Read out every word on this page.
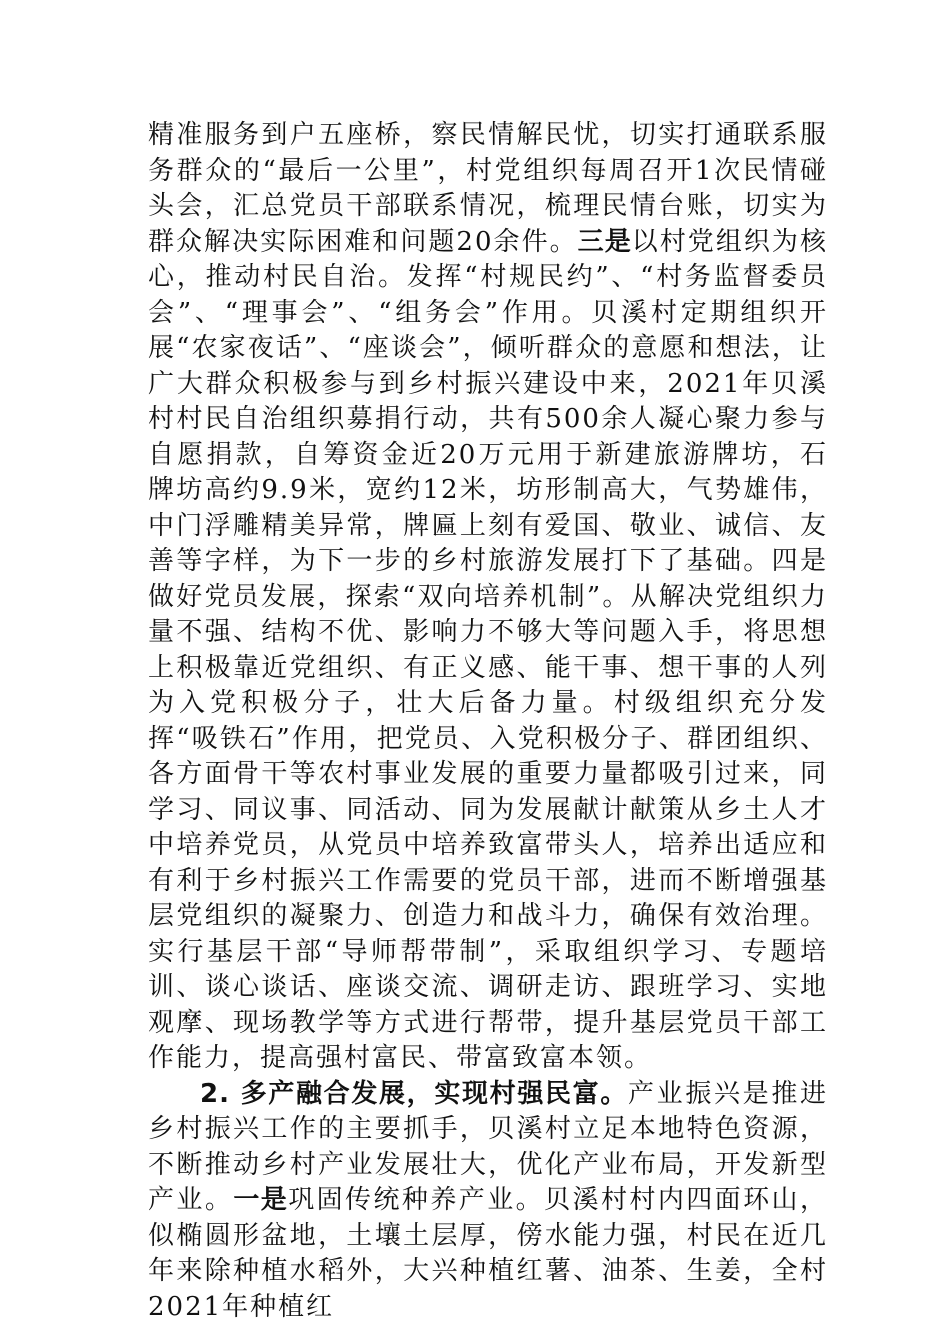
精准服务到户五座桥，察民情解民忧，切实打通联系服务群众的“最后一公里”，村党组织每周召开1次民情碰头会，汇总党员干部联系情况，梳理民情台账，切实为群众解决实际困难和问题20余件。三是以村党组织为核心，推动村民自治。发挥“村规民约”、“村务监督委员会”、“理事会”、“组务会”作用。贝溪村定期组织开展“农家夜话”、“座谈会”，倾听群众的意愿和想法，让广大群众积极参与到乡村振兴建设中来，2021年贝溪村村民自治组织募捐行动，共有500余人凝心聚力参与自愿捐款，自筹资金近20万元用于新建旅游牌坊，石牌坊高约9.9米，宽约12米，坊形制高大，气势雄伟，中门浮雕精美异常，牌匾上刻有爱国、敬业、诚信、友善等字样，为下一步的乡村旅游发展打下了基础。四是做好党员发展，探索“双向培养机制”。从解决党组织力量不强、结构不优、影响力不够大等问题入手，将思想上积极靠近党组织、有正义感、能干事、想干事的人列为入党积极分子，壮大后备力量。村级组织充分发挥“吸铁石”作用，把党员、入党积极分子、群团组织、各方面骨干等农村事业发展的重要力量都吸引过来，同学习、同议事、同活动、同为发展献计献策从乡土人才中培养党员，从党员中培养致富带头人，培养出适应和有利于乡村振兴工作需要的党员干部，进而不断增强基层党组织的凝聚力、创造力和战斗力，确保有效治理。实行基层干部“导师帮带制”，采取组织学习、专题培训、谈心谈话、座谈交流、调研走访、跟班学习、实地观摩、现场教学等方式进行帮带，提升基层党员干部工作能力，提高强村富民、带富致富本领。

2. 多产融合发展，实现村强民富。产业振兴是推进乡村振兴工作的主要抓手，贝溪村立足本地特色资源，不断推动乡村产业发展壮大，优化产业布局，开发新型产业。一是巩固传统种养产业。贝溪村村内四面环山，似椭圆形盆地，土壤土层厚，傍水能力强，村民在近几年来除种植水稻外，大兴种植红薯、油茶、生姜，全村2021年种植红
